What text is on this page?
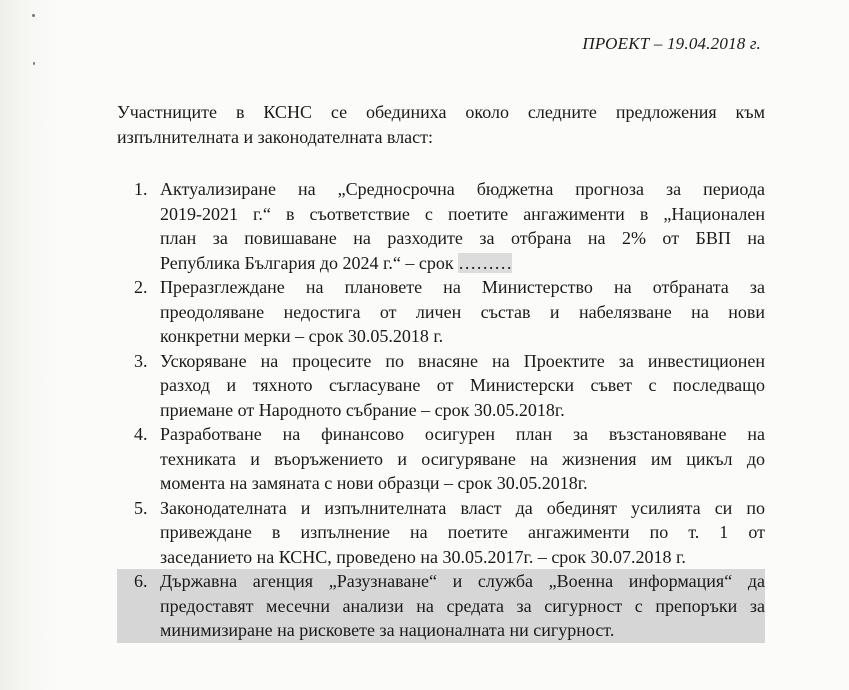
ПРОЕКТ – 19.04.2018 г.

Участниците в КСНС се обединиха около следните предложения към
изпълнителната и законодателната власт:

1. Актуализиране на „Средносрочна бюджетна прогноза за периода
2019-2021 г.“ в съответствие с поетите ангажименти в „Национален
план за повишаване на разходите за отбрана на 2% от БВП на
Република България до 2024 г.“ – срок ………
2. Преразглеждане на плановете на Министерство на отбраната за
преодоляване недостига от личен състав и набелязване на нови
конкретни мерки – срок 30.05.2018 г.
3. Ускоряване на процесите по внасяне на Проектите за инвестиционен
разход и тяхното съгласуване от Министерски съвет с последващо
приемане от Народното събрание – срок 30.05.2018г.
4. Разработване на финансово осигурен план за възстановяване на
техниката и въоръжението и осигуряване на жизнения им цикъл до
момента на замяната с нови образци – срок 30.05.2018г.
5. Законодателната и изпълнителната власт да обединят усилията си по
привеждане в изпълнение на поетите ангажименти по т. 1 от
заседанието на КСНС, проведено на 30.05.2017г. – срок 30.07.2018 г.
6. Държавна агенция „Разузнаване“ и служба „Военна информация“ да
предоставят месечни анализи на средата за сигурност с препоръки за
минимизиране на рисковете за националната ни сигурност.
